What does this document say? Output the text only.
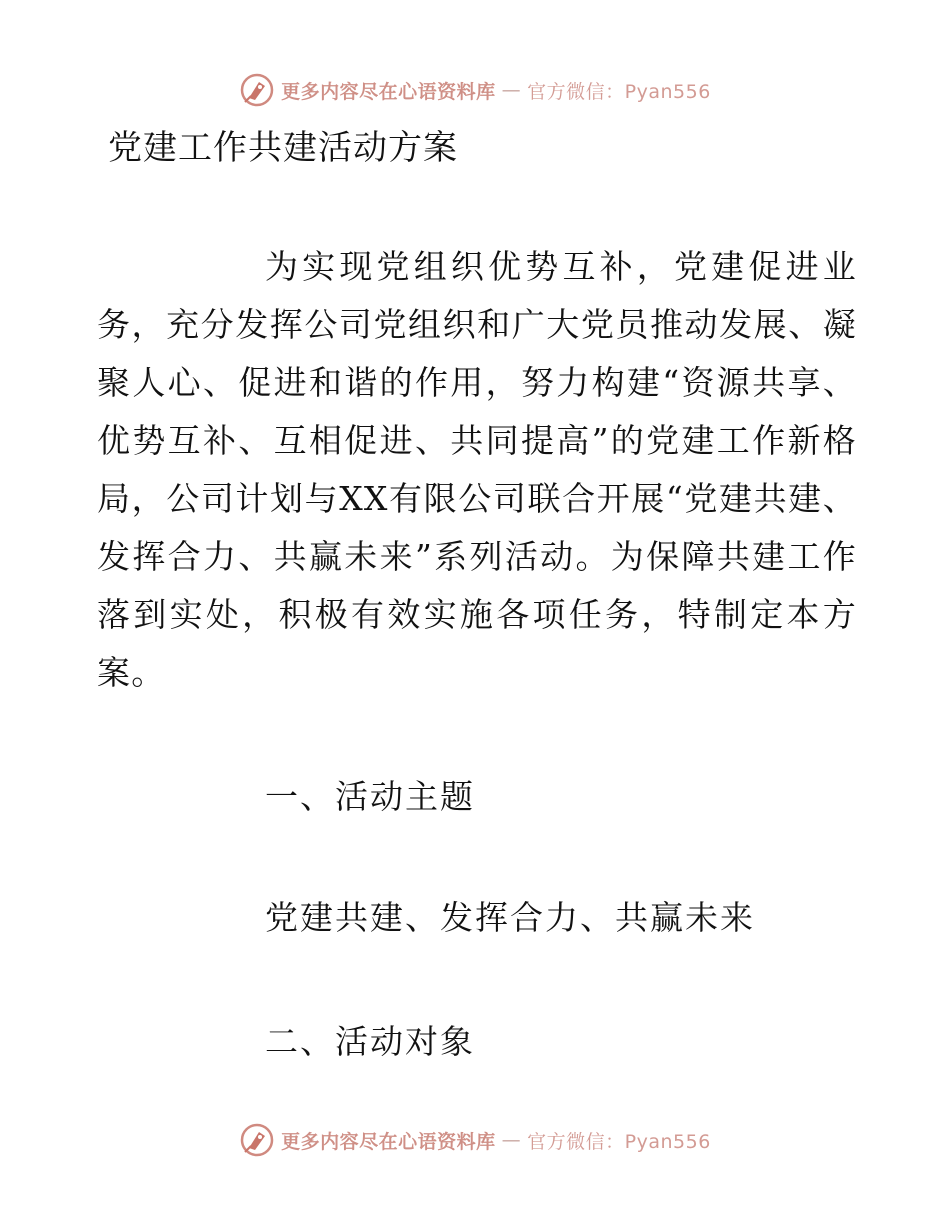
更多内容尽在心语资料库 — 官方微信：Pyan556
党建工作共建活动方案

为实现党组织优势互补，党建促进业务，充分发挥公司党组织和广大党员推动发展、凝聚人心、促进和谐的作用，努力构建“资源共享、优势互补、互相促进、共同提高”的党建工作新格局，公司计划与XX有限公司联合开展“党建共建、发挥合力、共赢未来”系列活动。为保障共建工作落到实处，积极有效实施各项任务，特制定本方案。

一、活动主题

党建共建、发挥合力、共赢未来

二、活动对象
更多内容尽在心语资料库 — 官方微信：Pyan556
